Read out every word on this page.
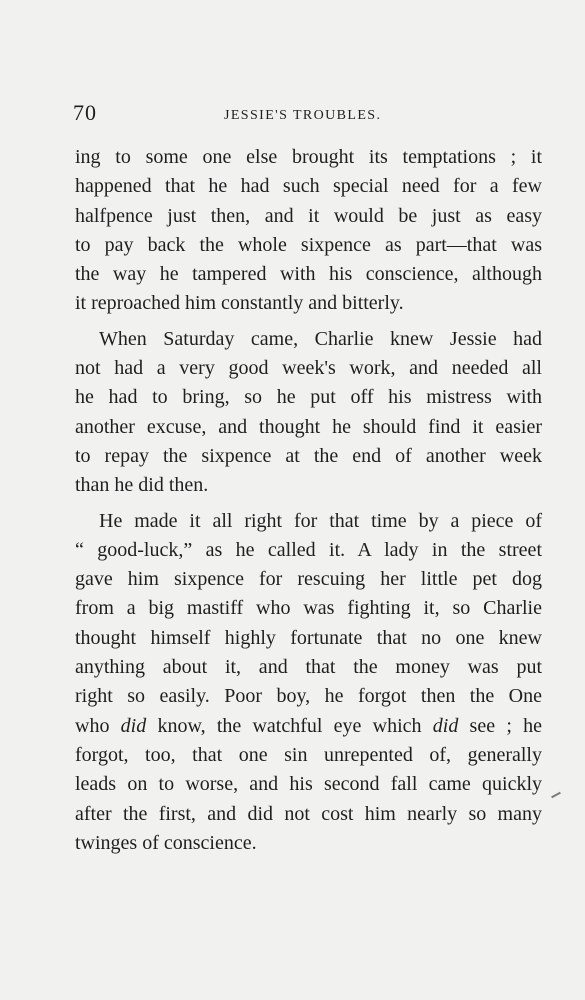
70	JESSIE'S TROUBLES.
ing to some one else brought its temptations ; it
happened that he had such special need for a few
halfpence just then, and it would be just as easy
to pay back the whole sixpence as part—that was
the way he tampered with his conscience, although
it reproached him constantly and bitterly.
When Saturday came, Charlie knew Jessie had
not had a very good week's work, and needed all
he had to bring, so he put off his mistress with
another excuse, and thought he should find it easier
to repay the sixpence at the end of another week
than he did then.
He made it all right for that time by a piece of
“ good-luck,” as he called it. A lady in the street
gave him sixpence for rescuing her little pet dog
from a big mastiff who was fighting it, so Charlie
thought himself highly fortunate that no one knew
anything about it, and that the money was put
right so easily. Poor boy, he forgot then the One
who did know, the watchful eye which did see ; he
forgot, too, that one sin unrepented of, generally
leads on to worse, and his second fall came quickly
after the first, and did not cost him nearly so many
twinges of conscience.
